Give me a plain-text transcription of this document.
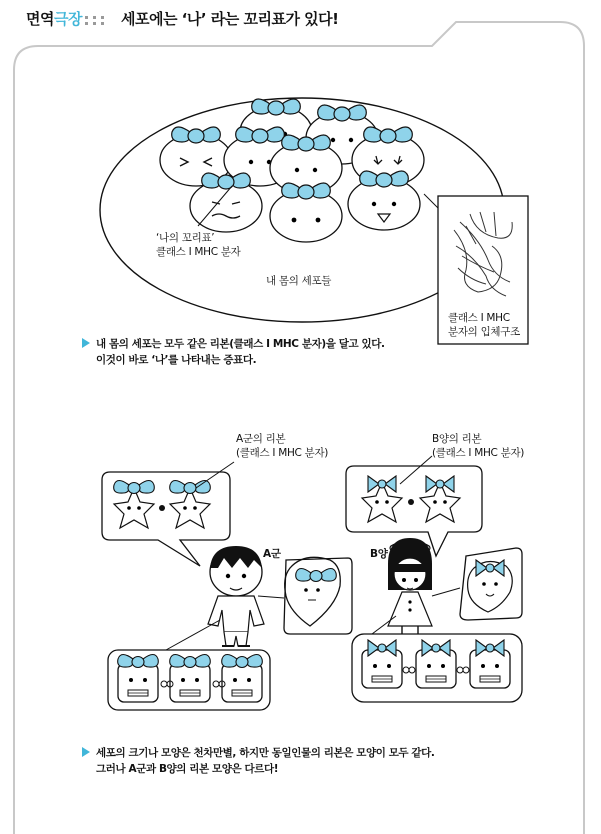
면역극장	세포에는 ‘나’ 라는 꼬리표가 있다!
‘나의 꼬리표’
클래스 I MHC 분자
내 몸의 세포들
클래스 I MHC
분자의 입체구조
내 몸의 세포는 모두 같은 리본(클래스 I MHC 분자)을 달고 있다.
이것이 바로 ‘나’를 나타내는 증표다.
A군의 리본
(클래스 I MHC 분자)
B양의 리본
(클래스 I MHC 분자)
A군	B양
세포의 크기나 모양은 천차만별, 하지만 동일인물의 리본은 모양이 모두 같다.
그러나 A군과 B양의 리본 모양은 다르다!
